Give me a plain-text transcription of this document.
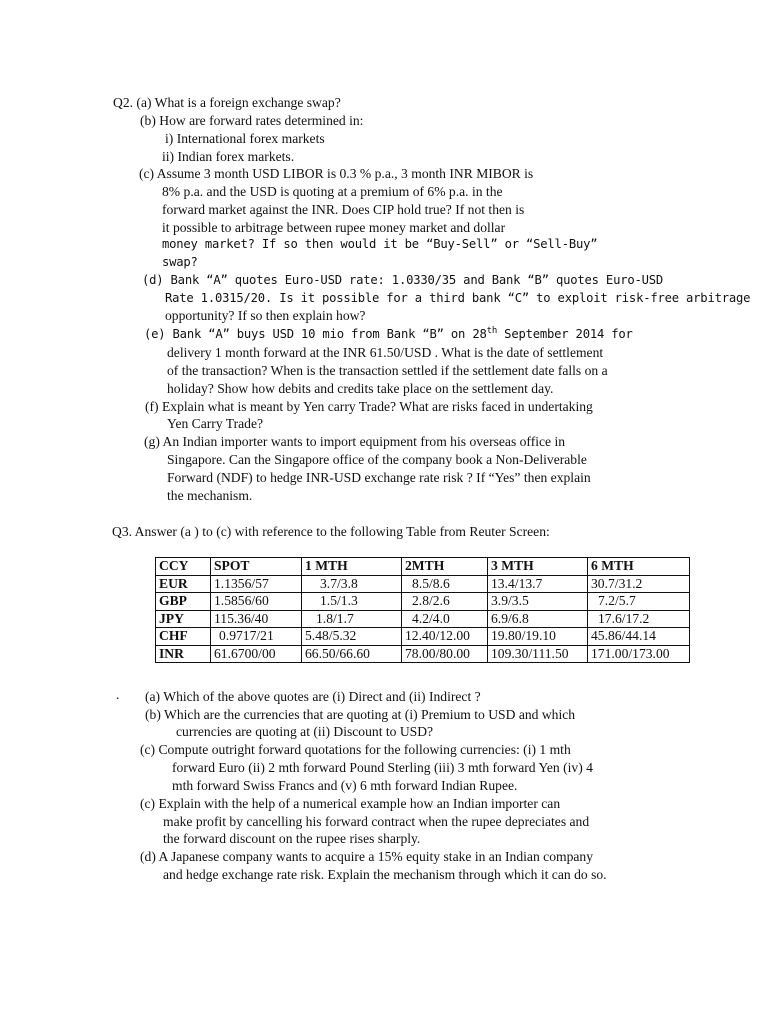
Q2. (a) What is a foreign exchange swap?
(b) How are forward rates determined in:
i) International forex markets
ii) Indian forex markets.
(c) Assume 3 month USD LIBOR is 0.3 % p.a., 3 month INR MIBOR is
8% p.a. and the USD is quoting at a premium of 6% p.a. in the
forward market against the INR. Does CIP hold true? If not then is
it possible to arbitrage between rupee money market and dollar
money market? If so then would it be “Buy-Sell” or “Sell-Buy”
swap?
(d) Bank “A” quotes Euro-USD rate: 1.0330/35 and Bank “B” quotes Euro-USD
Rate 1.0315/20. Is it possible for a third bank “C” to exploit risk-free arbitrage
opportunity? If so then explain how?
(e) Bank “A” buys USD 10 mio from Bank “B” on 28th September 2014 for
delivery 1 month forward at the INR 61.50/USD . What is the date of settlement
of the transaction? When is the transaction settled if the settlement date falls on a
holiday? Show how debits and credits take place on the settlement day.
(f) Explain what is meant by Yen carry Trade? What are risks faced in undertaking
Yen Carry Trade?
(g) An Indian importer wants to import equipment from his overseas office in
Singapore. Can the Singapore office of the company book a Non-Deliverable
Forward (NDF) to hedge INR-USD exchange rate risk ? If “Yes” then explain
the mechanism.
Q3. Answer (a ) to (c) with reference to the following Table from Reuter Screen:
CCY	SPOT	1 MTH	2MTH	3 MTH	6 MTH
EUR	1.1356/57	3.7/3.8	8.5/8.6	13.4/13.7	30.7/31.2
GBP	1.5856/60	1.5/1.3	2.8/2.6	3.9/3.5	7.2/5.7
JPY	115.36/40	1.8/1.7	4.2/4.0	6.9/6.8	17.6/17.2
CHF	0.9717/21	5.48/5.32	12.40/12.00	19.80/19.10	45.86/44.14
INR	61.6700/00	66.50/66.60	78.00/80.00	109.30/111.50	171.00/173.00
. (a) Which of the above quotes are (i) Direct and (ii) Indirect ?
(b) Which are the currencies that are quoting at (i) Premium to USD and which
currencies are quoting at (ii) Discount to USD?
(c) Compute outright forward quotations for the following currencies: (i) 1 mth
forward Euro (ii) 2 mth forward Pound Sterling (iii) 3 mth forward Yen (iv) 4
mth forward Swiss Francs and (v) 6 mth forward Indian Rupee.
(c) Explain with the help of a numerical example how an Indian importer can
make profit by cancelling his forward contract when the rupee depreciates and
the forward discount on the rupee rises sharply.
(d) A Japanese company wants to acquire a 15% equity stake in an Indian company
and hedge exchange rate risk. Explain the mechanism through which it can do so.
